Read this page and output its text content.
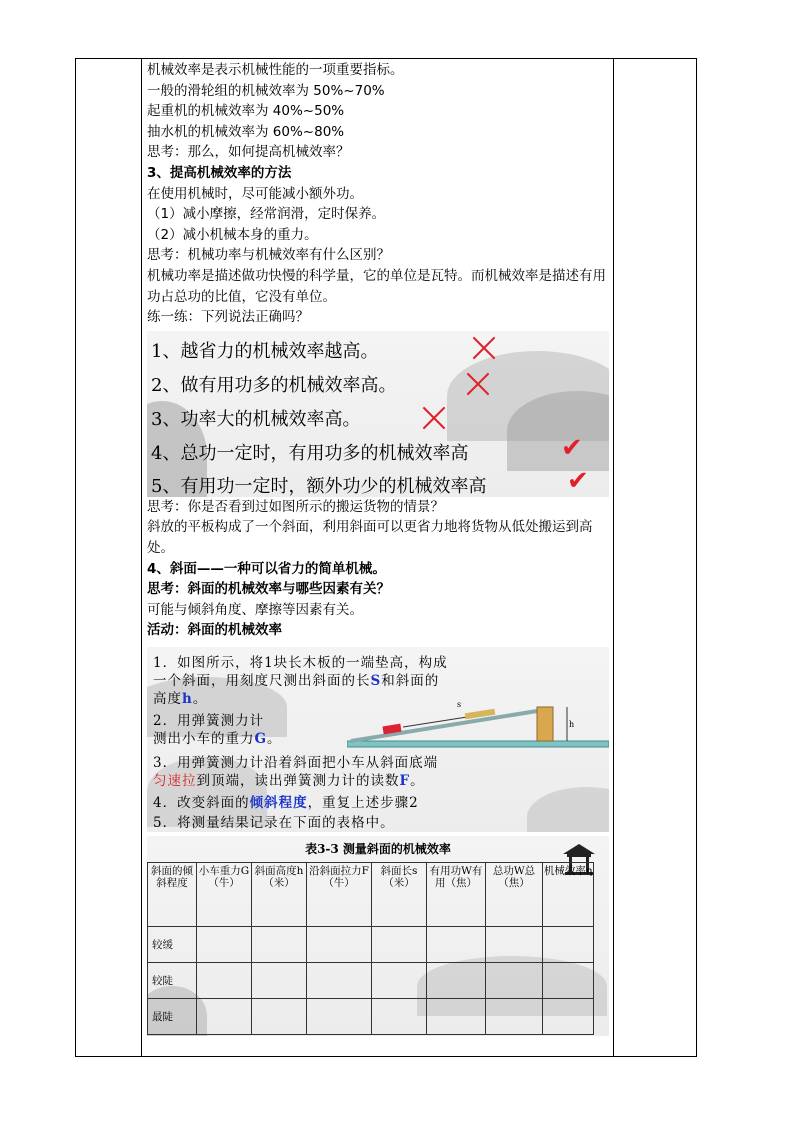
机械效率是表示机械性能的一项重要指标。
一般的滑轮组的机械效率为 50%~70%
起重机的机械效率为 40%~50%
抽水机的机械效率为 60%~80%
思考：那么，如何提高机械效率？
3、提高机械效率的方法
在使用机械时，尽可能减小额外功。
（1）减小摩擦，经常润滑，定时保养。
（2）减小机械本身的重力。
思考：机械功率与机械效率有什么区别？
机械功率是描述做功快慢的科学量，它的单位是瓦特。而机械效率是描述有用功占总功的比值，它没有单位。
练一练：下列说法正确吗？
1、越省力的机械效率越高。
2、做有用功多的机械效率高。
3、功率大的机械效率高。
4、总功一定时，有用功多的机械效率高
5、有用功一定时，额外功少的机械效率高
✔
✔
思考：你是否看到过如图所示的搬运货物的情景？
斜放的平板构成了一个斜面，利用斜面可以更省力地将货物从低处搬运到高处。
4、斜面——一种可以省力的简单机械。
思考：斜面的机械效率与哪些因素有关？
可能与倾斜角度、摩擦等因素有关。
活动：斜面的机械效率
1．如图所示，将1块长木板的一端垫高，构成
一个斜面，用刻度尺测出斜面的长S和斜面的
高度h。
2．用弹簧测力计
测出小车的重力G。
3．用弹簧测力计沿着斜面把小车从斜面底端
匀速拉到顶端，读出弹簧测力计的读数F。
4．改变斜面的倾斜程度，重复上述步骤2
5．将测量结果记录在下面的表格中。
h
s
表3-3 测量斜面的机械效率
斜面的倾斜程度	小车重力G（牛）	斜面高度h（米）	沿斜面拉力F（牛）	斜面长s（米）	有用功W有用（焦）	总功W总（焦）	机械效率η
较缓							
较陡							
最陡							
